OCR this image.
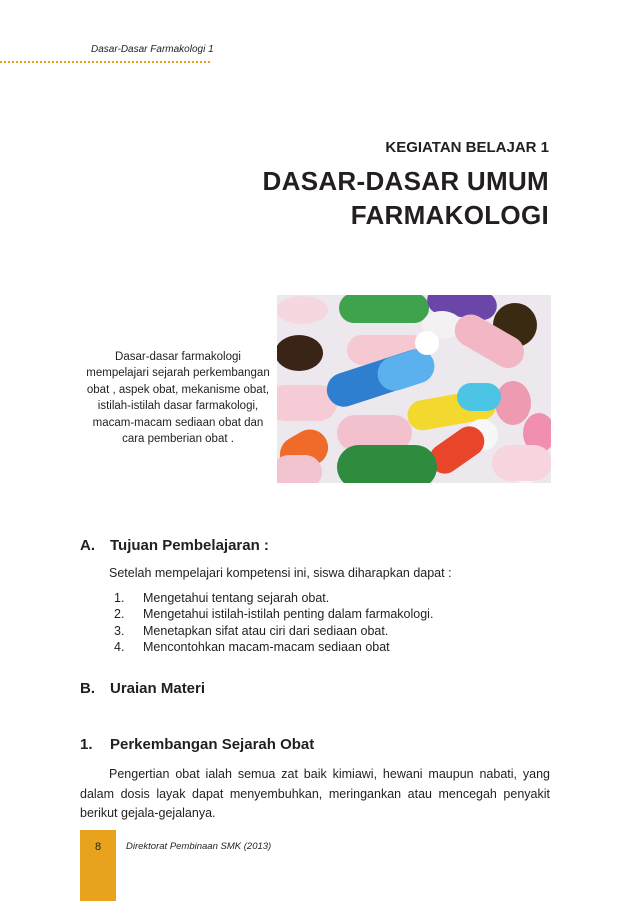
Dasar-Dasar Farmakologi 1
KEGIATAN BELAJAR 1
DASAR-DASAR UMUM
FARMAKOLOGI
Dasar-dasar farmakologi
mempelajari sejarah perkembangan
obat , aspek obat, mekanisme obat,
istilah-istilah dasar farmakologi,
macam-macam sediaan obat dan
cara pemberian obat .
A. Tujuan Pembelajaran :
Setelah mempelajari kompetensi ini, siswa diharapkan dapat :
1. Mengetahui tentang sejarah obat.
2. Mengetahui istilah-istilah penting dalam farmakologi.
3. Menetapkan sifat atau ciri dari sediaan obat.
4. Mencontohkan macam-macam sediaan obat
B. Uraian Materi
1. Perkembangan Sejarah Obat

Pengertian obat ialah semua zat baik kimiawi, hewani maupun nabati, yang dalam dosis layak dapat menyembuhkan, meringankan atau mencegah penyakit berikut gejala-gejalanya.

8	Direktorat Pembinaan SMK (2013)
